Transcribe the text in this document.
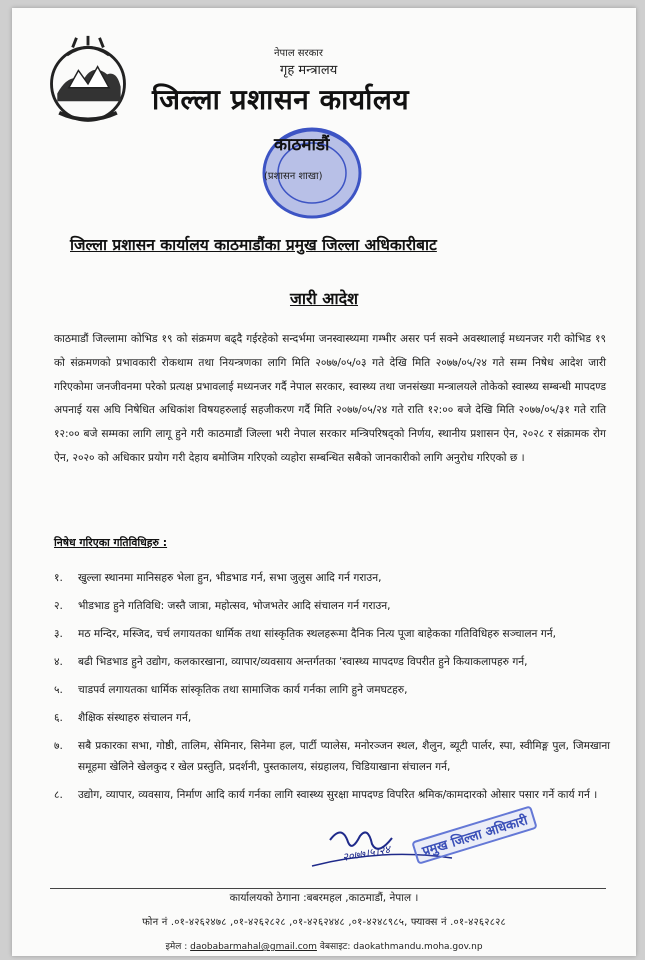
नेपाल सरकार
गृह मन्त्रालय
जिल्ला प्रशासन कार्यालय
काठमाडौं
(प्रशासन शाखा)
जिल्ला प्रशासन कार्यालय काठमाडौंका प्रमुख जिल्ला अधिकारीबाट
जारी आदेश
काठमाडौं जिल्लामा कोभिड १९ को संक्रमण बढ्दै गईरहेको सन्दर्भमा जनस्वास्थ्यमा गम्भीर असर पर्न सक्ने अवस्थालाई मध्यनजर गरी कोभिड १९ को संक्रमणको प्रभावकारी रोकथाम तथा नियन्त्रणका लागि मिति २०७७/०५/०३ गते देखि मिति २०७७/०५/२४ गते सम्म निषेध आदेश जारी गरिएकोमा जनजीवनमा परेको प्रत्यक्ष प्रभावलाई मध्यनजर गर्दै नेपाल सरकार, स्वास्थ्य तथा जनसंख्या मन्त्रालयले तोकेको स्वास्थ्य सम्बन्धी मापदण्ड अपनाई यस अघि निषेधित अधिकांश विषयहरुलाई सहजीकरण गर्दै मिति २०७७/०५/२४ गते राति १२:०० बजे देखि मिति २०७७/०५/३१ गते राति १२:०० बजे सम्मका लागि लागू हुने गरी काठमाडौं जिल्ला भरी नेपाल सरकार मन्त्रिपरिषद्को निर्णय, स्थानीय प्रशासन ऐन, २०२८ र संक्रामक रोग ऐन, २०२० को अधिकार प्रयोग गरी देहाय बमोजिम गरिएको व्यहोरा सम्बन्धित सबैको जानकारीको लागि अनुरोध गरिएको छ ।
निषेध गरिएका गतिविधिहरु :
१. खुल्ला स्थानमा मानिसहरु भेला हुन, भीडभाड गर्न, सभा जुलुस आदि गर्न गराउन,
२. भीडभाड हुने गतिविधि: जस्तै जात्रा, महोत्सव, भोजभतेर आदि संचालन गर्न गराउन,
३. मठ मन्दिर, मस्जिद, चर्च लगायतका धार्मिक तथा सांस्कृतिक स्थलहरूमा दैनिक नित्य पूजा बाहेकका गतिविधिहरु सञ्चालन गर्न,
४. बढी भिडभाड हुने उद्योग, कलकारखाना, व्यापार/व्यवसाय अन्तर्गतका 'स्वास्थ्य मापदण्ड विपरीत हुने कियाकलापहरु गर्न,
५. चाडपर्व लगायतका धार्मिक सांस्कृतिक तथा सामाजिक कार्य गर्नका लागि हुने जमघटहरु,
६. शैक्षिक संस्थाहरु संचालन गर्न,
७. सबै प्रकारका सभा, गोष्ठी, तालिम, सेमिनार, सिनेमा हल, पार्टी प्यालेस, मनोरञ्जन स्थल, शैलुन, ब्यूटी पार्लर, स्पा, स्वीमिङ्ग पुल, जिमखाना समूहमा खेलिने खेलकुद र खेल प्रस्तुति, प्रदर्शनी, पुस्तकालय, संग्रहालय, चिडियाखाना संचालन गर्न,
८. उद्योग, व्यापार, व्यवसाय, निर्माण आदि कार्य गर्नका लागि स्वास्थ्य सुरक्षा मापदण्ड विपरित श्रमिक/कामदारको ओसार पसार गर्ने कार्य गर्न ।
२०७७।५।२४	प्रमुख जिल्ला अधिकारी
कार्यालयको ठेगाना :बबरमहल ,काठमाडौं, नेपाल ।
फोन नं .०१-४२६२४७८ ,०१-४२६२८२८ ,०१-४२६२४४८ ,०१-४२४८९८५, फ्याक्स नं .०१-४२६२८२८
इमेल : daobabarmahal@gmail.com वेबसाइट: daokathmandu.moha.gov.np
